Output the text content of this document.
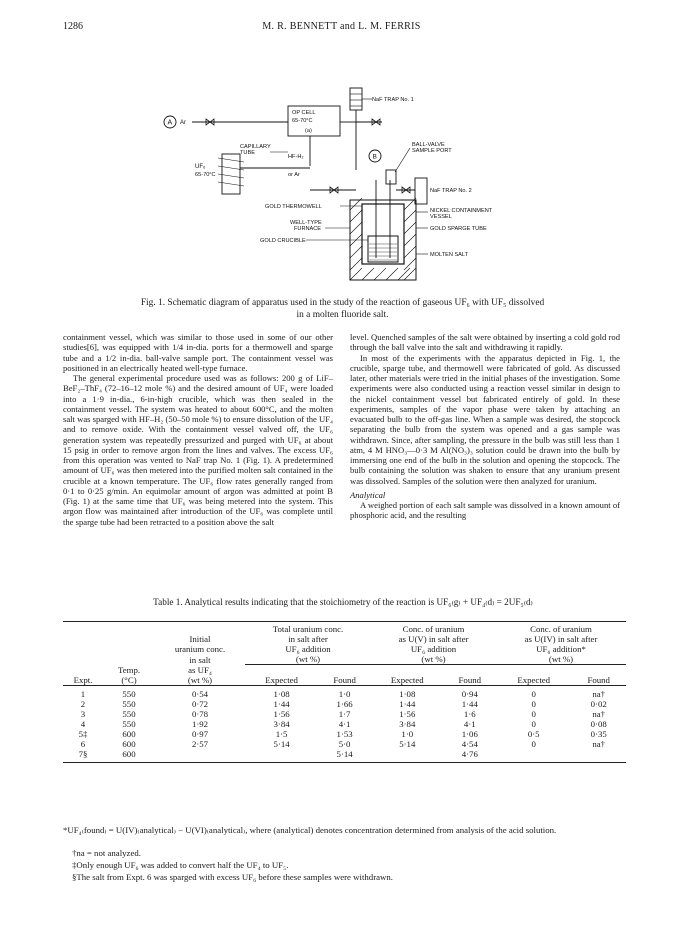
1286	M. R. BENNETT and L. M. FERRIS
A Ar
OP CELL
65-70°C
(a)
NaF TRAP No. 1
CAPILLARY
TUBE
HF-H₂
or Ar
UF₆
65-70°C
B
BALL-VALVE
SAMPLE PORT
NaF TRAP No. 2
GOLD THERMOWELL
NICKEL CONTAINMENT
VESSEL
GOLD SPARGE TUBE
MOLTEN SALT
WELL-TYPE
FURNACE
GOLD CRUCIBLE
Fig. 1. Schematic diagram of apparatus used in the study of the reaction of gaseous UF₆ with UF₅ dissolved
in a molten fluoride salt.

containment vessel, which was similar to those used in some of our other studies[6], was equipped with 1/4 in-dia. ports for a thermowell and sparge tube and a 1/2 in-dia. ball-valve sample port. The containment vessel was positioned in an electrically heated well-type furnace.

The general experimental procedure used was as follows: 200 g of LiF–BeF₂–ThF₄ (72–16–12 mole %) and the desired amount of UF₄ were loaded into a 1·9 in-dia., 6-in-high crucible, which was then sealed in the containment vessel. The system was heated to about 600°C, and the molten salt was sparged with HF–H₂ (50–50 mole %) to ensure dissolution of the UF₄ and to remove oxide. With the containment vessel valved off, the UF₆ generation system was repeatedly pressurized and purged with UF₆ at about 15 psig in order to remove argon from the lines and valves. The excess UF₆ from this operation was vented to NaF trap No. 1 (Fig. 1). A predetermined amount of UF₆ was then metered into the purified molten salt contained in the crucible at a known temperature. The UF₆ flow rates generally ranged from 0·1 to 0·25 g/min. An equimolar amount of argon was admitted at point B (Fig. 1) at the same time that UF₆ was being metered into the system. This argon flow was maintained after introduction of the UF₆ was complete until the sparge tube had been retracted to a position above the salt

level. Quenched samples of the salt were obtained by inserting a cold gold rod through the ball valve into the salt and withdrawing it rapidly.

In most of the experiments with the apparatus depicted in Fig. 1, the crucible, sparge tube, and thermowell were fabricated of gold. As discussed later, other materials were tried in the initial phases of the investigation. Some experiments were also conducted using a reaction vessel similar in design to the nickel containment vessel but fabricated entirely of gold. In these experiments, samples of the vapor phase were taken by attaching an evacuated bulb to the off-gas line. When a sample was desired, the stopcock separating the bulb from the system was opened and a gas sample was withdrawn. Since, after sampling, the pressure in the bulb was still less than 1 atm, 4 M HNO₃—0·3 M Al(NO₃)₃ solution could be drawn into the bulb by immersing one end of the bulb in the solution and opening the stopcock. The bulb containing the solution was shaken to ensure that any uranium present was dissolved. Samples of the solution were then analyzed for uranium.

Analytical

A weighed portion of each salt sample was dissolved in a known amount of phosphoric acid, and the resulting

Table 1. Analytical results indicating that the stoichiometry of the reaction is UF₆₍g₎ + UF₄₍d₎ = 2UF₅₍d₎

			Total uranium conc.		Conc. of uranium		Conc. of uranium	
		Initial	in salt after		as U(V) in salt after		as U(IV) in salt after	
		uranium conc.	UF₆ addition		UF₆ addition		UF₆ addition*	
		in salt	(wt %)		(wt %)		(wt %)	
	Temp.	as UF₄						
Expt.	(°C)	(wt %)	Expected	Found	Expected	Found	Expected	Found

1	550	0·54	1·08	1·0	1·08	0·94	0	na†
2	550	0·72	1·44	1·66	1·44	1·44	0	0·02
3	550	0·78	1·56	1·7	1·56	1·6	0	na†
4	550	1·92	3·84	4·1	3·84	4·1	0	0·08
5‡	600	0·97	1·5	1·53	1·0	1·06	0·5	0·35
6	600	2·57	5·14	5·0	5·14	4·54	0	na†
7§	600			5·14		4·76		

*UF₄₍found₎ = U(IV)₍analytical₎ − U(VI)₍analytical₎, where (analytical) denotes concentration determined from analysis of the acid solution.
†na = not analyzed.
‡Only enough UF₆ was added to convert half the UF₄ to UF₅.
§The salt from Expt. 6 was sparged with excess UF₆ before these samples were withdrawn.
